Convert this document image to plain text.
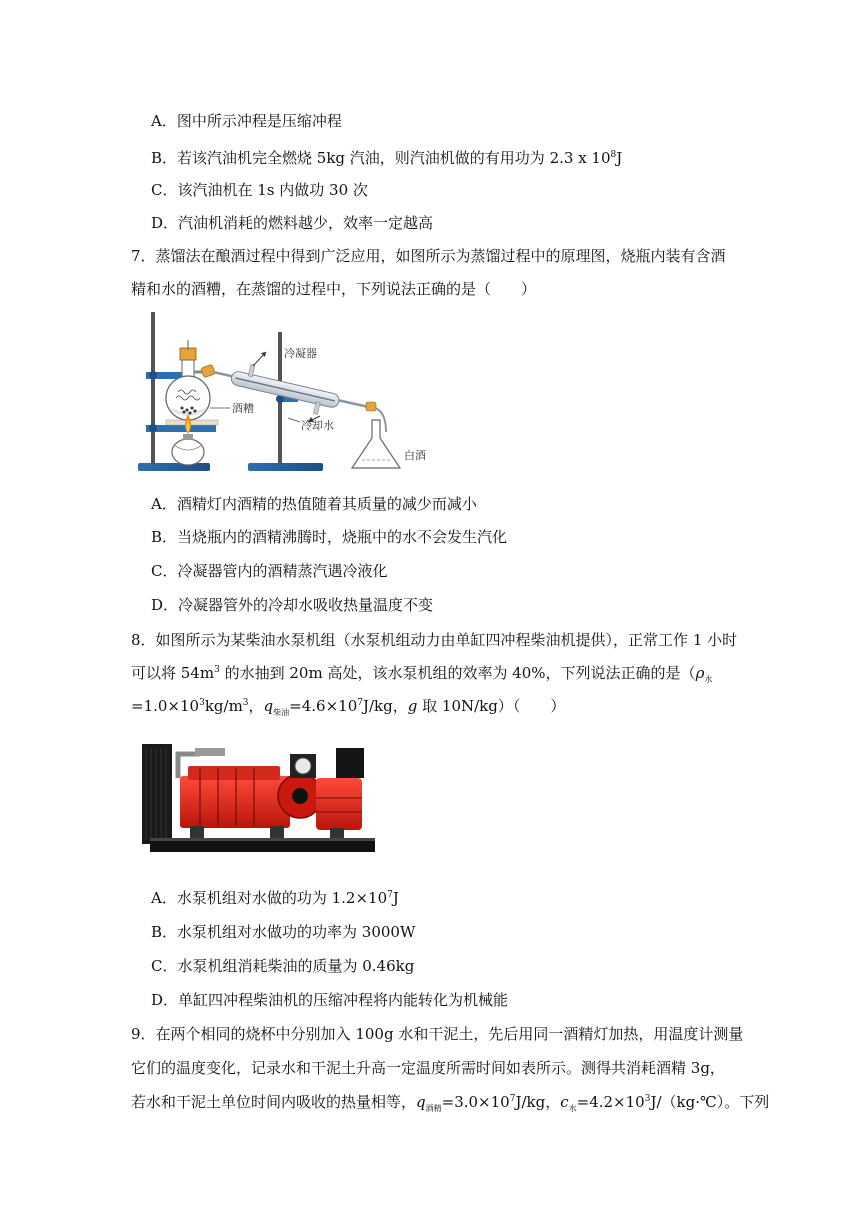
A．图中所示冲程是压缩冲程
B．若该汽油机完全燃烧 5kg 汽油，则汽油机做的有用功为 2.3 x $10^8J$
C．该汽油机在 1s 内做功 30 次
D．汽油机消耗的燃料越少，效率一定越高
7．蒸馏法在酿酒过程中得到广泛应用，如图所示为蒸馏过程中的原理图，烧瓶内装有含酒
精和水的酒糟，在蒸馏的过程中，下列说法正确的是（　　）
冷凝器
酒糟
冷却水
白酒
A．酒精灯内酒精的热值随着其质量的减少而减小
B．当烧瓶内的酒精沸腾时，烧瓶中的水不会发生汽化
C．冷凝器管内的酒精蒸汽遇冷液化
D．冷凝器管外的冷却水吸收热量温度不变
8．如图所示为某柴油水泵机组（水泵机组动力由单缸四冲程柴油机提供），正常工作 1 小时
可以将 $54m^3$ 的水抽到 20m 高处，该水泵机组的效率为 40%，下列说法正确的是（$\rho_水$
$=1.0\times 10^3kg/m^3$，$q_{柴油}=4.6\times 10^7J/kg$，g 取 10N/kg）（　　）
A．水泵机组对水做的功为 $1.2\times 10^7J$
B．水泵机组对水做功的功率为 3000W
C．水泵机组消耗柴油的质量为 0.46kg
D．单缸四冲程柴油机的压缩冲程将内能转化为机械能
9．在两个相同的烧杯中分别加入 100g 水和干泥土，先后用同一酒精灯加热，用温度计测量
它们的温度变化，记录水和干泥土升高一定温度所需时间如表所示。测得共消耗酒精 3g，
若水和干泥土单位时间内吸收的热量相等，$q_{酒精}=3.0\times 10^7J/kg$，$c_水=4.2\times 10^3J/(kg\cdot℃)$。下列
